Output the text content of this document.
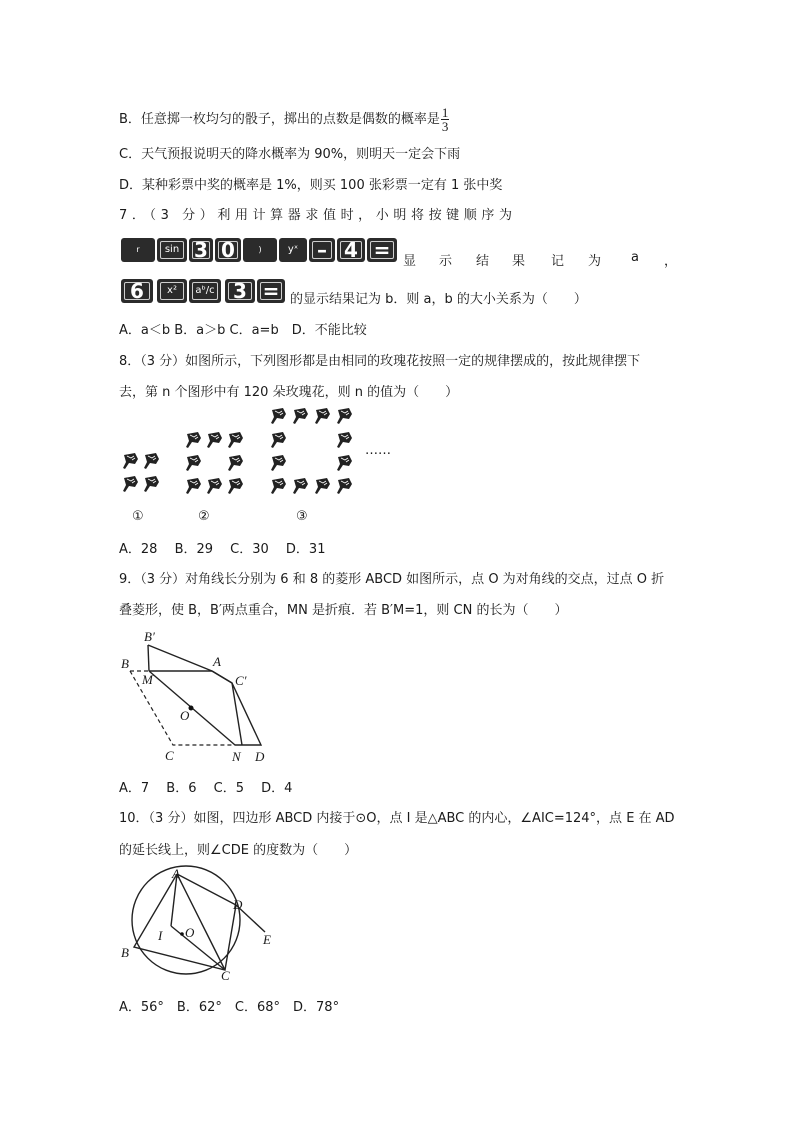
B．任意掷一枚均匀的骰子，掷出的点数是偶数的概率是 $\frac{1}{3}$
C．天气预报说明天的降水概率为 90%，则明天一定会下雨
D．某种彩票中奖的概率是 1%，则买 100 张彩票一定有 1 张中奖
7．（3 分）利用计算器求值时，小明将按键顺序为
r	sin 3 0	)	yˣ – 4 = 显 示 结 果 记 为 a ，
6	x²	aᵇ/c 3 = 的显示结果记为 b．则 a，b 的大小关系为（　　）
A．a＜b B．a＞b C．a=b　D．不能比较
8．（3 分）如图所示，下列图形都是由相同的玫瑰花按照一定的规律摆成的，按此规律摆下
去，第 n 个图形中有 120 朵玫瑰花，则 n 的值为（　　）
……
①	②	③
A．28　 B．29　 C．30　 D．31
9．（3 分）对角线长分别为 6 和 8 的菱形 ABCD 如图所示，点 O 为对角线的交点，过点 O 折
叠菱形，使 B，B′两点重合，MN 是折痕．若 B′M=1，则 CN 的长为（　　）
B′
B	A
M	C′
O
C	N D
A．7　 B．6　 C．5　 D．4
10．（3 分）如图，四边形 ABCD 内接于⊙O，点 I 是△ABC 的内心，∠AIC=124°，点 E 在 AD
的延长线上，则∠CDE 的度数为（　　）
A
D
E
I O
B
C
A．56°　B．62°　C．68°　D．78°
